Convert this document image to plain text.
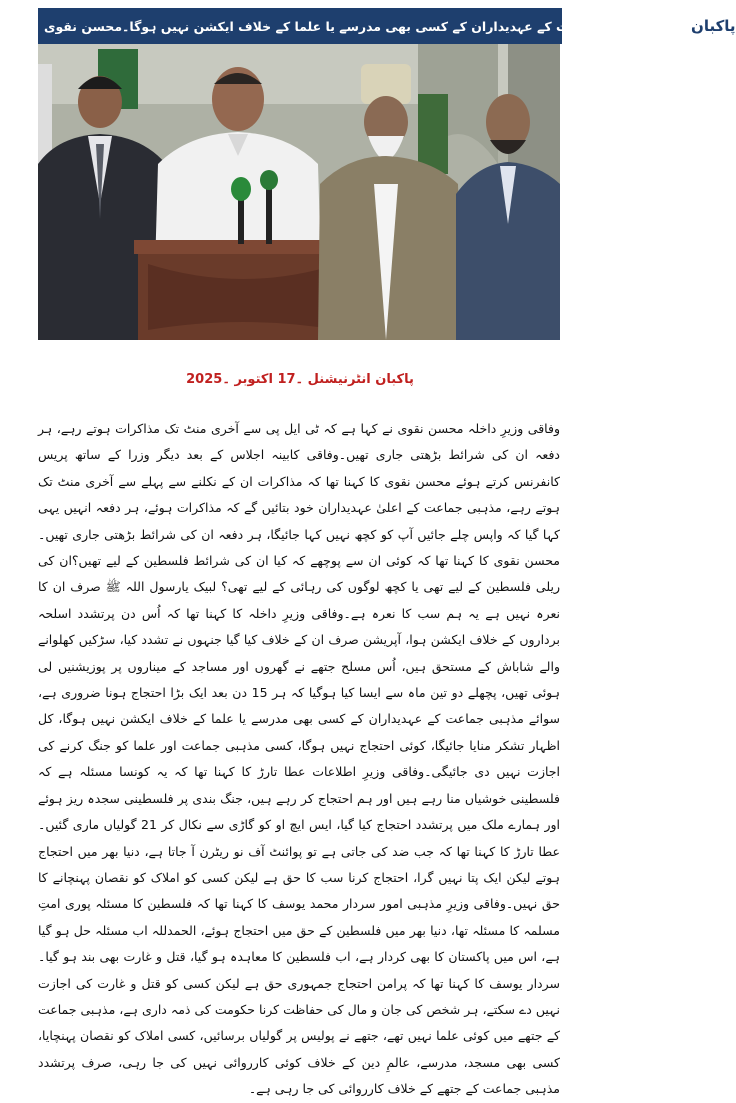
سوائے مذہبی جماعت کے عہدیداران کے کسی بھی مدرسے یا علما کے خلاف ایکشن نہیں ہوگا۔محسن نقوی پاکبان
پاکبان انٹرنیشنل ۔17 اکتوبر ۔2025

وفاقی وزیرِ داخلہ محسن نقوی نے کہا ہے کہ ٹی ایل پی سے آخری منٹ تک مذاکرات ہوتے رہے، ہر دفعہ ان کی شرائط بڑھتی جاری تھیں۔وفاقی کابینہ اجلاس کے بعد دیگر وزرا کے ساتھ پریس کانفرنس کرتے ہوئے محسن نقوی کا کہنا تھا کہ مذاکرات ان کے نکلنے سے پہلے سے آخری منٹ تک ہوتے رہے، مذہبی جماعت کے اعلیٰ عہدیداران خود بتائیں گے کہ مذاکرات ہوئے، ہر دفعہ انہیں یہی کہا گیا کہ واپس چلے جائیں آپ کو کچھ نہیں کہا جائیگا، ہر دفعہ ان کی شرائط بڑھتی جاری تھیں۔محسن نقوی کا کہنا تھا کہ کوئی ان سے پوچھے کہ کیا ان کی شرائط فلسطین کے لیے تھیں؟ان کی ریلی فلسطین کے لیے تھی یا کچھ لوگوں کی رہائی کے لیے تھی؟ لبیک یارسول اللہ ﷺ صرف ان کا نعرہ نہیں ہے یہ ہم سب کا نعرہ ہے۔وفاقی وزیرِ داخلہ کا کہنا تھا کہ اُس دن پرتشدد اسلحہ برداروں کے خلاف ایکشن ہوا، آپریشن صرف ان کے خلاف کیا گیا جنہوں نے تشدد کیا، سڑکیں کھلوانے والے شاباش کے مستحق ہیں، اُس مسلح جتھے نے گھروں اور مساجد کے میناروں پر پوزیشنیں لی ہوئی تھیں، پچھلے دو تین ماہ سے ایسا کیا ہوگیا کہ ہر 15 دن بعد ایک بڑا احتجاج ہونا ضروری ہے، سوائے مذہبی جماعت کے عہدیداران کے کسی بھی مدرسے یا علما کے خلاف ایکشن نہیں ہوگا، کل اظہار تشکر منایا جائیگا، کوئی احتجاج نہیں ہوگا، کسی مذہبی جماعت اور علما کو جنگ کرنے کی اجازت نہیں دی جائیگی۔وفاقی وزیرِ اطلاعات عطا تارڑ کا کہنا تھا کہ یہ کونسا مسئلہ ہے کہ فلسطینی خوشیاں منا رہے ہیں اور ہم احتجاج کر رہے ہیں، جنگ بندی پر فلسطینی سجدہ ریز ہوئے اور ہمارے ملک میں پرتشدد احتجاج کیا گیا، ایس ایچ او کو گاڑی سے نکال کر 21 گولیاں ماری گئیں۔عطا تارڑ کا کہنا تھا کہ جب ضد کی جاتی ہے تو پوائنٹ آف نو ریٹرن آ جاتا ہے، دنیا بھر میں احتجاج ہوتے لیکن ایک پتا نہیں گرا، احتجاج کرنا سب کا حق ہے لیکن کسی کو املاک کو نقصان پہنچانے کا حق نہیں۔وفاقی وزیرِ مذہبی امور سردار محمد یوسف کا کہنا تھا کہ فلسطین کا مسئلہ پوری امتِ مسلمہ کا مسئلہ تھا، دنیا بھر میں فلسطین کے حق میں احتجاج ہوئے، الحمدللہ اب مسئلہ حل ہو گیا ہے، اس میں پاکستان کا بھی کردار ہے، اب فلسطین کا معاہدہ ہو گیا، قتل و غارت بھی بند ہو گیا۔سردار یوسف کا کہنا تھا کہ پرامن احتجاج جمہوری حق ہے لیکن کسی کو قتل و غارت کی اجازت نہیں دے سکتے، ہر شخص کی جان و مال کی حفاظت کرنا حکومت کی ذمہ داری ہے، مذہبی جماعت کے جتھے میں کوئی علما نہیں تھے، جتھے نے پولیس پر گولیاں برسائیں، کسی املاک کو نقصان پہنچایا، کسی بھی مسجد، مدرسے، عالمِ دین کے خلاف کوئی کارروائی نہیں کی جا رہی، صرف پرتشدد مذہبی جماعت کے جتھے کے خلاف کارروائی کی جا رہی ہے۔
